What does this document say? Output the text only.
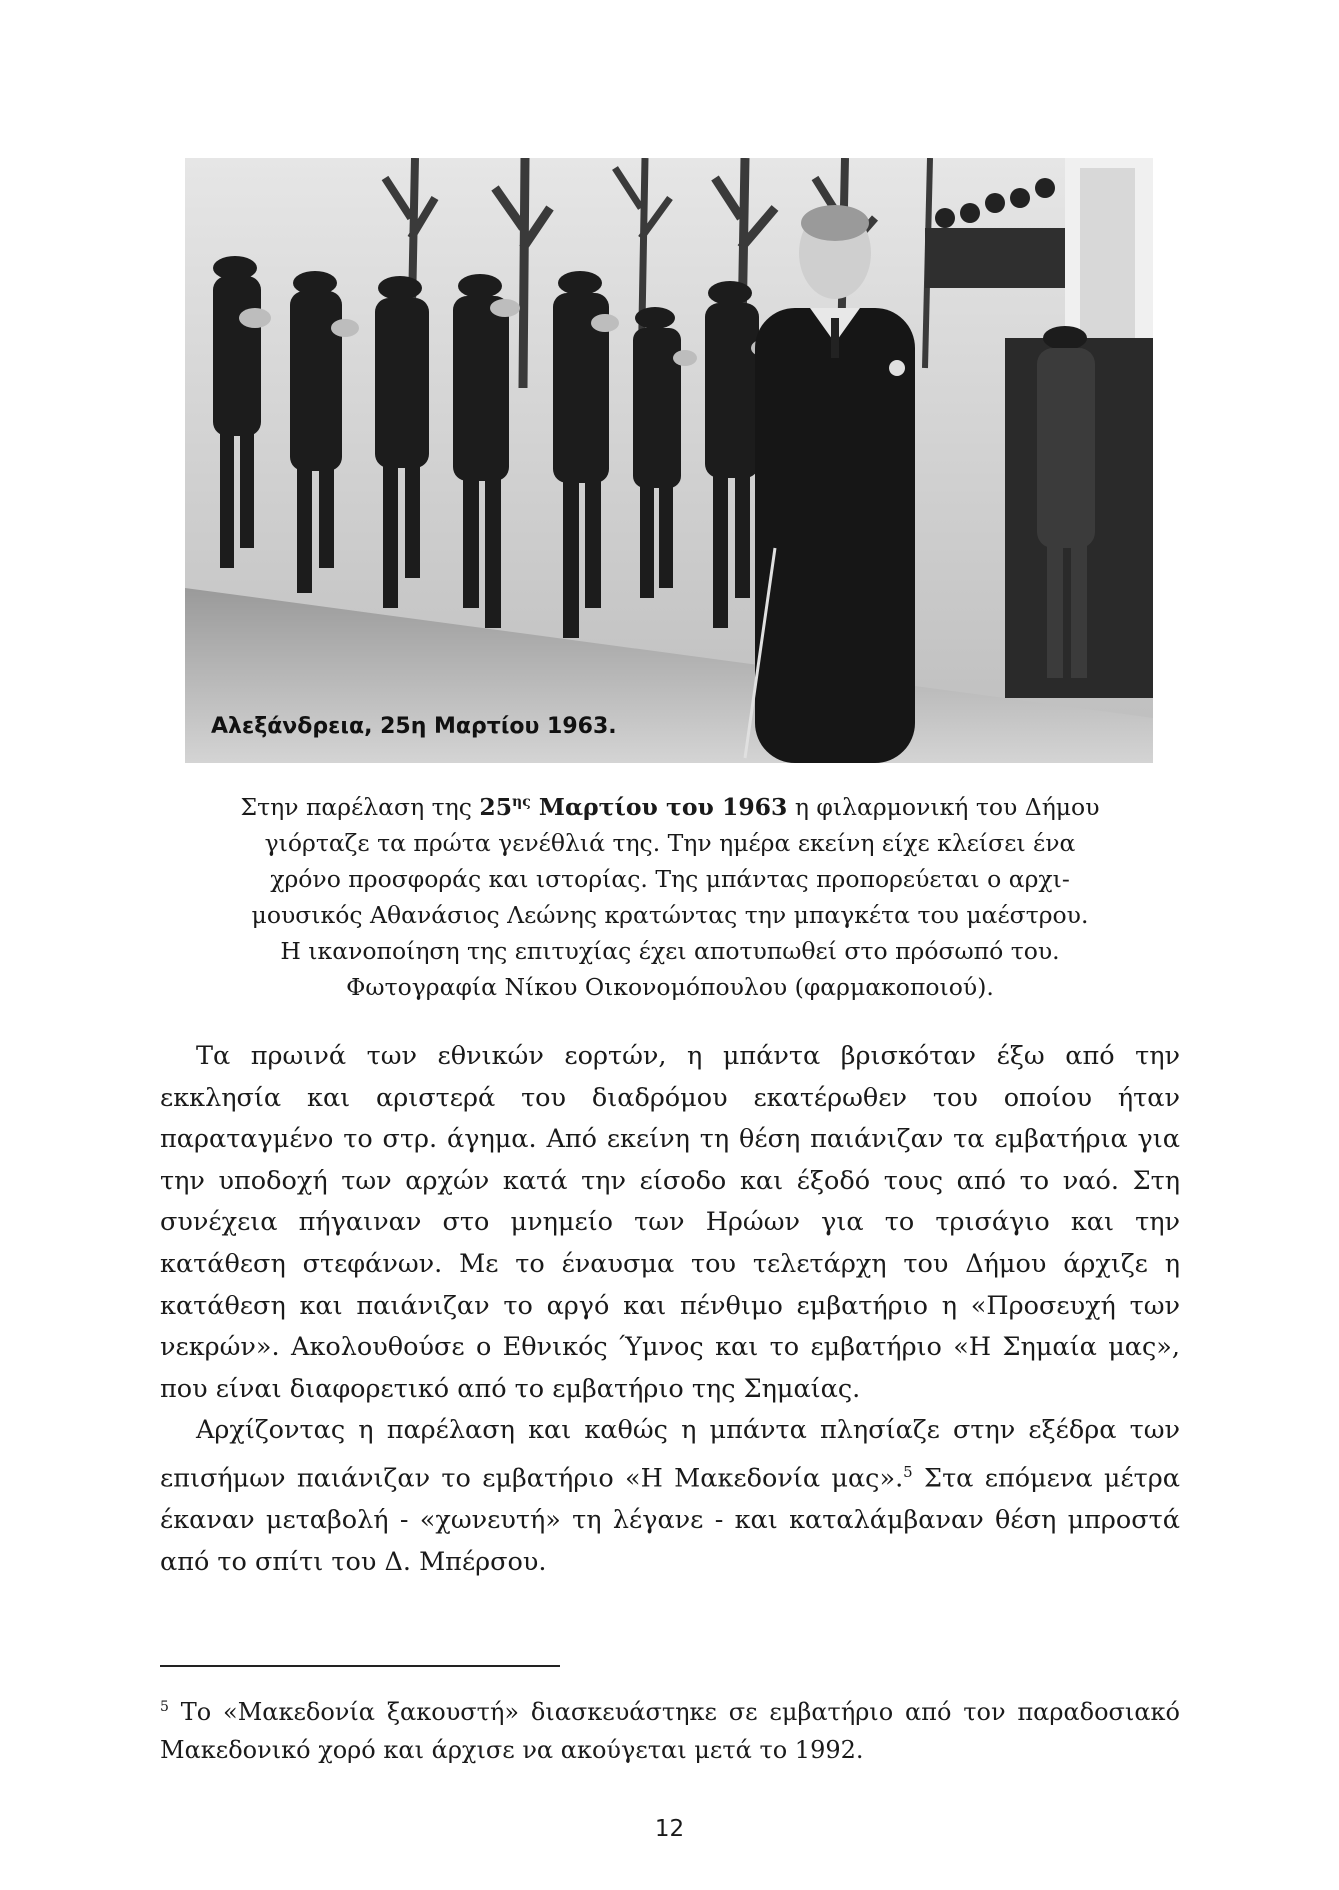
Αλεξάνδρεια, 25η Μαρτίου 1963.
Στην παρέλαση της $25^{\eta\varsigma}$ Μαρτίου του 1963 η φιλαρμονική του Δήμου
γιόρταζε τα πρώτα γενέθλιά της. Την ημέρα εκείνη είχε κλείσει ένα
χρόνο προσφοράς και ιστορίας. Της μπάντας προπορεύεται ο αρχι-
μουσικός Αθανάσιος Λεώνης κρατώντας την μπαγκέτα του μαέστρου.
Η ικανοποίηση της επιτυχίας έχει αποτυπωθεί στο πρόσωπό του.
Φωτογραφία Νίκου Οικονομόπουλου (φαρμακοποιού).

Τα πρωινά των εθνικών εορτών, η μπάντα βρισκόταν έξω από την εκκλησία και αριστερά του διαδρόμου εκατέρωθεν του οποίου ήταν παραταγμένο το στρ. άγημα. Από εκείνη τη θέση παιάνιζαν τα εμβατήρια για την υποδοχή των αρχών κατά την είσοδο και έξοδό τους από το ναό. Στη συνέχεια πήγαιναν στο μνημείο των Ηρώων για το τρισάγιο και την κατάθεση στεφάνων. Με το έναυσμα του τελετάρχη του Δήμου άρχιζε η κατάθεση και παιάνιζαν το αργό και πένθιμο εμβατήριο η «Προσευχή των νεκρών». Ακολουθούσε ο Εθνικός Ύμνος και το εμβατήριο «Η Σημαία μας», που είναι διαφορετικό από το εμβατήριο της Σημαίας.

Αρχίζοντας η παρέλαση και καθώς η μπάντα πλησίαζε στην εξέδρα των επισήμων παιάνιζαν το εμβατήριο «Η Μακεδονία μας».$^5$ Στα επόμενα μέτρα έκαναν μεταβολή - «χωνευτή» τη λέγανε - και καταλάμβαναν θέση μπροστά από το σπίτι του Δ. Μπέρσου.

$^5$ Το «Μακεδονία ξακουστή» διασκευάστηκε σε εμβατήριο από τον παραδοσιακό Μακεδονικό χορό και άρχισε να ακούγεται μετά το 1992.
12
